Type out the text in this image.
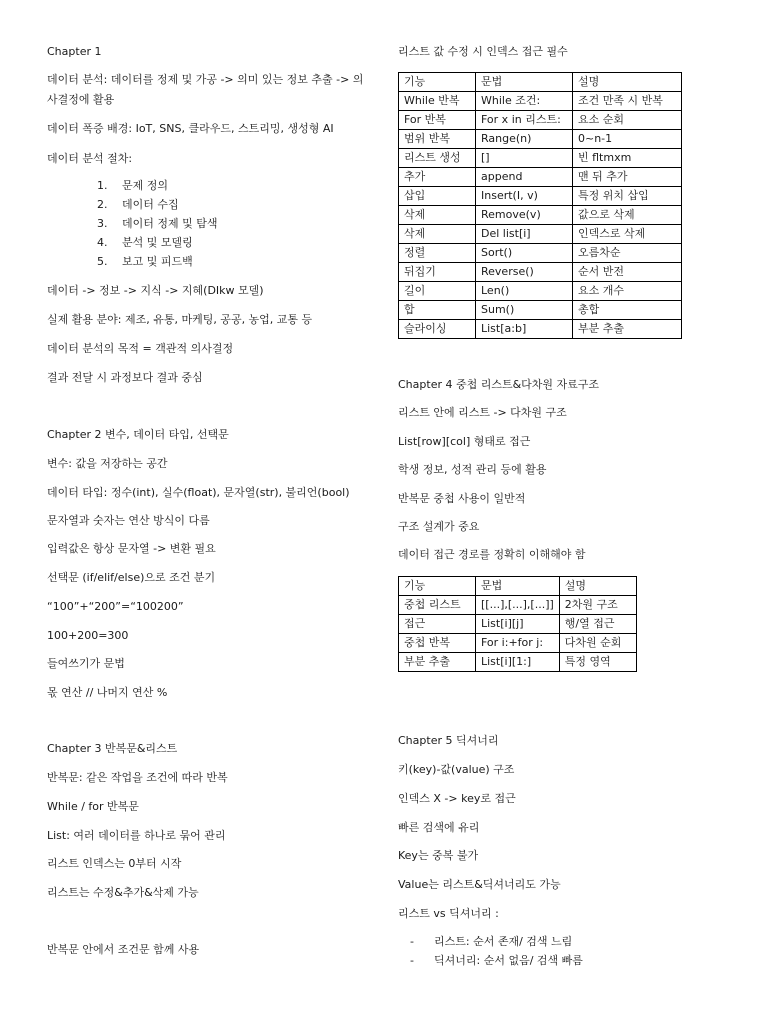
Chapter 1
데이터 분석: 데이터를 정제 및 가공 -> 의미 있는 정보 추출 -> 의사결정에 활용
데이터 폭증 배경: IoT, SNS, 클라우드, 스트리밍, 생성형 AI
데이터 분석 절차:
1. 문제 정의
2. 데이터 수집
3. 데이터 정제 및 탐색
4. 분석 및 모델링
5. 보고 및 피드백
데이터 -> 정보 -> 지식 -> 지혜(DIkw 모델)
실제 활용 분야: 제조, 유통, 마케팅, 공공, 농업, 교통 등
데이터 분석의 목적 = 객관적 의사결정
결과 전달 시 과정보다 결과 중심
Chapter 2 변수, 데이터 타입, 선택문
변수: 값을 저장하는 공간
데이터 타입: 정수(int), 실수(float), 문자열(str), 불리언(bool)
문자열과 숫자는 연산 방식이 다름
입력값은 항상 문자열 -> 변환 필요
선택문 (if/elif/else)으로 조건 분기
“100”+“200”=“100200”
100+200=300
들여쓰기가 문법
몫 연산 // 나머지 연산 %
Chapter 3 반복문&리스트
반복문: 같은 작업을 조건에 따라 반복
While / for 반복문
List: 여러 데이터를 하나로 묶어 관리
리스트 인덱스는 0부터 시작
리스트는 수정&추가&삭제 가능
반복문 안에서 조건문 함께 사용
리스트 값 수정 시 인덱스 접근 필수
기능	문법	설명
While 반복	While 조건:	조건 만족 시 반복
For 반복	For x in 리스트:	요소 순회
범위 반복	Range(n)	0~n-1
리스트 생성	[]	빈 fltmxm
추가	append	맨 뒤 추가
삽입	Insert(I, v)	특정 위치 삽입
삭제	Remove(v)	값으로 삭제
삭제	Del list[i]	인덱스로 삭제
정렬	Sort()	오름차순
뒤집기	Reverse()	순서 반전
길이	Len()	요소 개수
합	Sum()	총합
슬라이싱	List[a:b]	부분 추출
Chapter 4 중첩 리스트&다차원 자료구조
리스트 안에 리스트 -> 다차원 구조
List[row][col] 형태로 접근
학생 정보, 성적 관리 등에 활용
반복문 중첩 사용이 일반적
구조 설계가 중요
데이터 접근 경로를 정확히 이해해야 함
기능	문법	설명
중첩 리스트	[[...],[...],[...]]	2차원 구조
접근	List[i][j]	행/열 접근
중첩 반복	For i:+for j:	다차원 순회
부분 추출	List[i][1:]	특정 영역
Chapter 5 딕셔너리
키(key)-값(value) 구조
인덱스 X -> key로 접근
빠른 검색에 유리
Key는 중복 불가
Value는 리스트&딕셔너리도 가능
리스트 vs 딕셔너리 :
- 리스트: 순서 존재/ 검색 느림
- 딕셔너리: 순서 없음/ 검색 빠름
